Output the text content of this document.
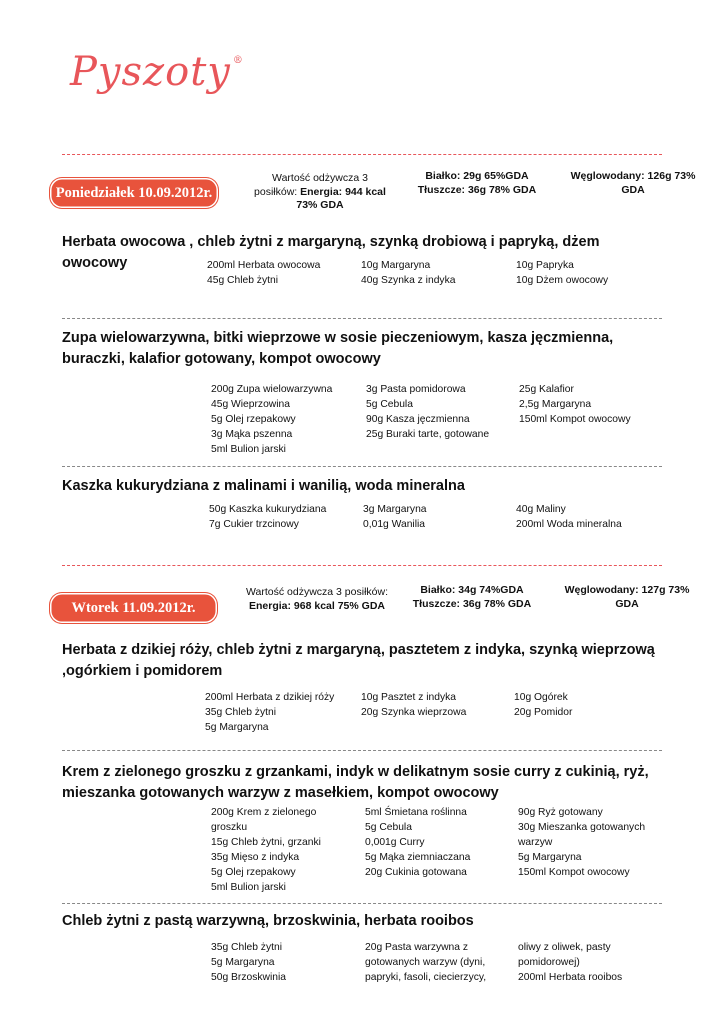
Pyszoty ®
Poniedziałek 10.09.2012r.
Wartość odżywcza 3 posiłków: Energia: 944 kcal 73% GDA
Białko: 29g 65%GDA
Tłuszcze: 36g 78% GDA
Węglowodany: 126g 73% GDA
Herbata owocowa , chleb żytni z margaryną, szynką drobiową i papryką, dżem owocowy	200ml Herbata owocowa
45g Chleb żytni
10g Margaryna
40g Szynka z indyka
10g Papryka
10g Dżem owocowy
Zupa wielowarzywna, bitki wieprzowe w sosie pieczeniowym, kasza jęczmienna, buraczki, kalafior gotowany, kompot owocowy
200g Zupa wielowarzywna
45g Wieprzowina
5g Olej rzepakowy
3g Mąka pszenna
5ml Bulion jarski
3g Pasta pomidorowa
5g Cebula
90g Kasza jęczmienna
25g Buraki tarte, gotowane
25g Kalafior
2,5g Margaryna
150ml Kompot owocowy
Kaszka kukurydziana z malinami i wanilią, woda mineralna
50g Kaszka kukurydziana
7g Cukier trzcinowy
3g Margaryna
0,01g Wanilia
40g Maliny
200ml Woda mineralna
Wtorek 11.09.2012r.
Wartość odżywcza 3 posiłków: Energia: 968 kcal 75% GDA
Białko: 34g 74%GDA
Tłuszcze: 36g 78% GDA
Węglowodany: 127g 73% GDA
Herbata z dzikiej róży, chleb żytni z margaryną, pasztetem z indyka, szynką wieprzową ,ogórkiem i pomidorem
200ml Herbata z dzikiej róży
35g Chleb żytni
5g Margaryna
10g Pasztet z indyka
20g Szynka wieprzowa
10g Ogórek
20g Pomidor
Krem z zielonego groszku z grzankami, indyk w delikatnym sosie curry z cukinią, ryż, mieszanka gotowanych warzyw z masełkiem, kompot owocowy
200g Krem z zielonego
groszku
15g Chleb żytni, grzanki
35g Mięso z indyka
5g Olej rzepakowy
5ml Bulion jarski
5ml Śmietana roślinna
5g Cebula
0,001g Curry
5g Mąka ziemniaczana
20g Cukinia gotowana
90g Ryż gotowany
30g Mieszanka gotowanych
warzyw
5g Margaryna
150ml Kompot owocowy
Chleb żytni z pastą warzywną, brzoskwinia, herbata rooibos
35g Chleb żytni
5g Margaryna
50g Brzoskwinia
20g Pasta warzywna z
gotowanych warzyw (dyni,
papryki, fasoli, ciecierzycy,
oliwy z oliwek, pasty
pomidorowej)
200ml Herbata rooibos
